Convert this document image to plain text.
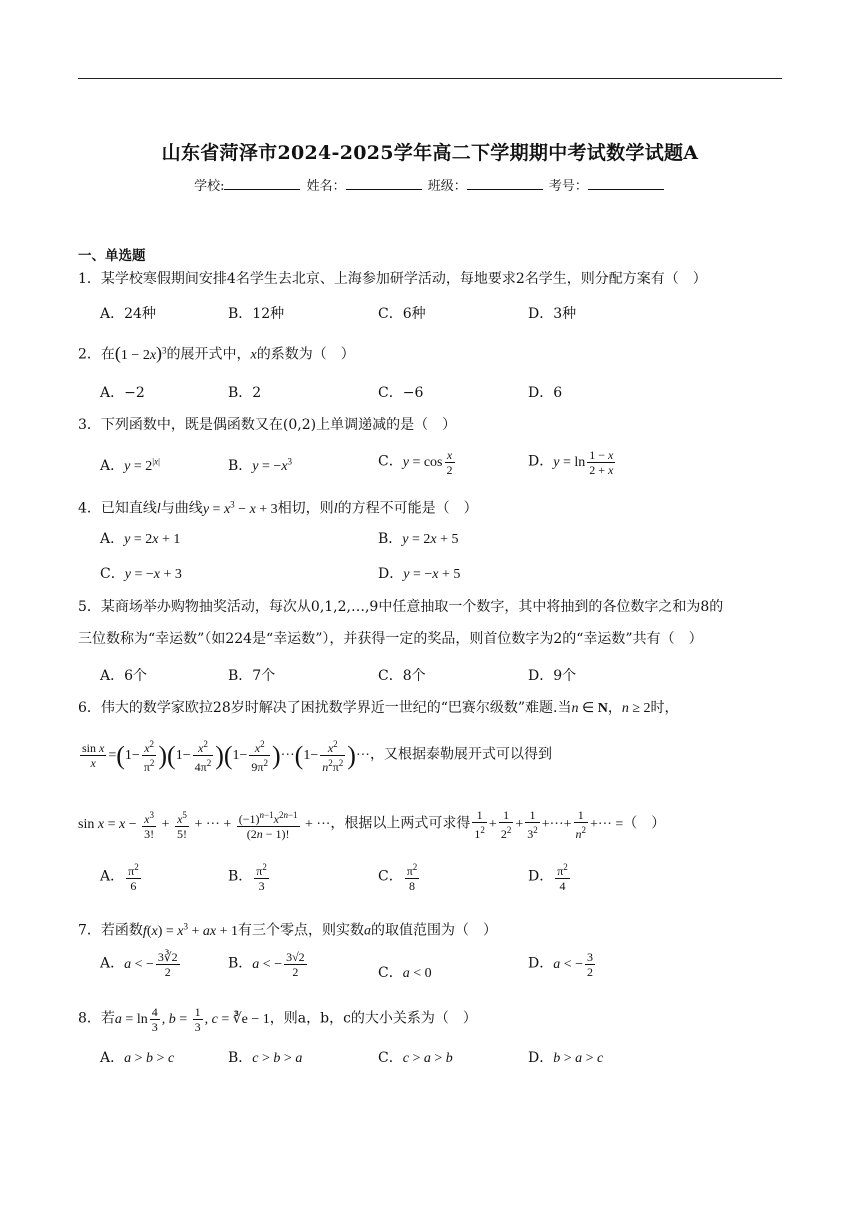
山东省菏泽市2024-2025学年高二下学期期中考试数学试题A
学校:	姓名：	班级：	考号：
一、单选题
1．某学校寒假期间安排4名学生去北京、上海参加研学活动，每地要求2名学生，则分配方案有（　）
A．24种	B．12种	C．6种	D．3种
2．在$(1 - 2x)^3$的展开式中，x的系数为（　）
A．−2	B．2	C．−6	D．6
3．下列函数中，既是偶函数又在(0,2)上单调递减的是（　）
A．$y = 2^{|x|}$	B．$y = -x^3$	C．$y = \cos \frac{x}{2}$	D．$y = \ln \frac{1 - x}{2 + x}$
4．已知直线l与曲线$y = x^3 - x + 3$相切，则l的方程不可能是（　）
A．y = 2x + 1	B．y = 2x + 5
C．y = −x + 3	D．y = −x + 5
5．某商场举办购物抽奖活动，每次从0,1,2,…,9中任意抽取一个数字，其中将抽到的各位数字之和为8的
三位数称为“幸运数”（如224是“幸运数”），并获得一定的奖品，则首位数字为2的“幸运数”共有（　）
A．6个	B．7个	C．8个	D．9个
6．伟大的数学家欧拉28岁时解决了困扰数学界近一世纪的“巴赛尔级数”难题.当n ∈ N，n ≥ 2时，
$\frac{\text{sin x}}{x} =(1- \frac{x^2}{\pi^2} )(1- \frac{x^2}{4\pi^2} )(1- \frac{x^2}{9\pi^2} )\cdot\cdot\cdot(1- \frac{x^2}{n^2\pi^2}$ )···，又根据泰勒展开式可以得到
$\sin x = x - \frac{x^3}{3!} + \frac{x^5}{5!}$ + ··· + $\frac{(-1)^{n-1}x^{2n-1}}{(2n - 1)!}$ + ···，根据以上两式可求得 $\frac{1}{1^2} + \frac{1}{2^2} + \frac{1}{3^2}$ +···+ $\frac{1}{n^2}$ +··· =（　）
A． $\frac{\pi^2}{6}$	B． $\frac{\pi^2}{3}$	C． $\frac{\pi^2}{8}$	D． $\frac{\pi^2}{4}$
7．若函数$f(x) = x^3$ + ax + 1有三个零点，则实数a的取值范围为（　）
A．a < − $\frac{3∛2}{2}$	B．a < − $\frac{3√2}{2}$	C．a < 0
D．a < − $\frac{3}{2}$
8．若$a = \ln \frac{4}{3}$ , $b = \frac{1}{3}$ , c = ∛e − 1，则a，b，c的大小关系为（　）
A．a > b > c	B．c > b > a	C．c > a > b	D．b > a > c
